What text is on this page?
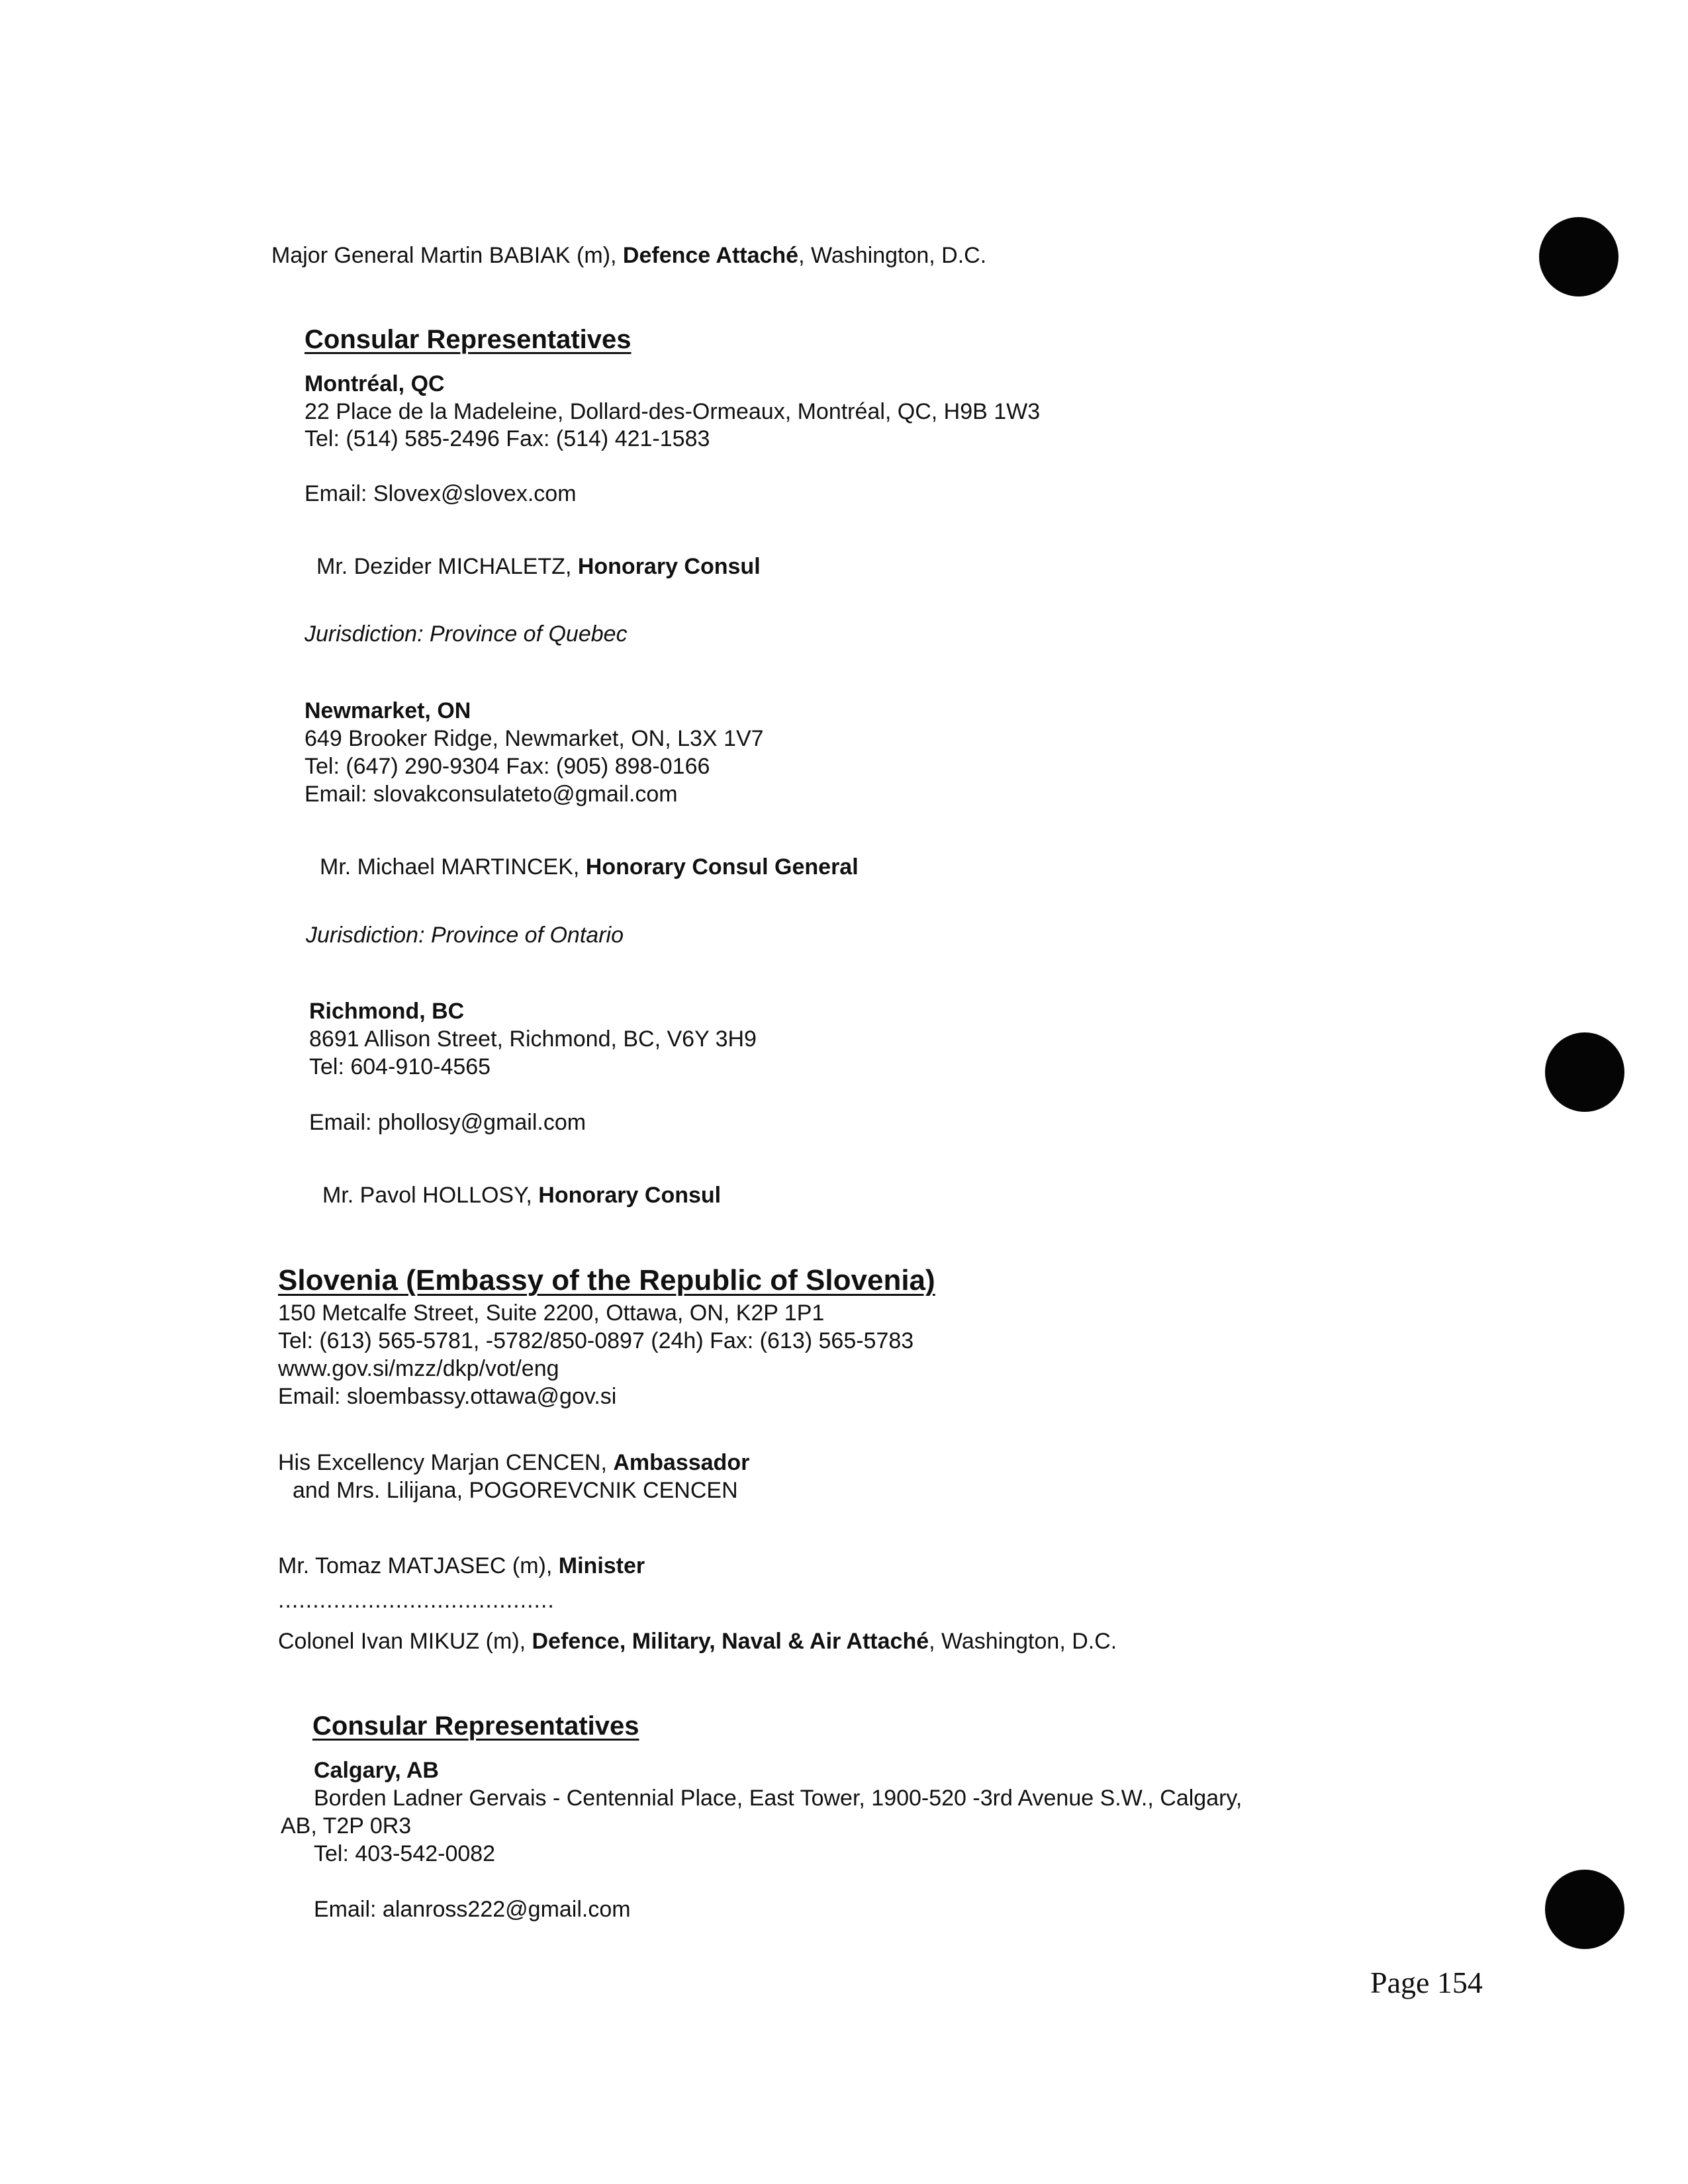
Major General Martin BABIAK (m), Defence Attaché, Washington, D.C.

Consular Representatives

Montréal, QC

22 Place de la Madeleine, Dollard-des-Ormeaux, Montréal, QC, H9B 1W3

Tel: (514) 585-2496 Fax: (514) 421-1583

Email: Slovex@slovex.com

Mr. Dezider MICHALETZ, Honorary Consul

Jurisdiction: Province of Quebec

Newmarket, ON

649 Brooker Ridge, Newmarket, ON, L3X 1V7

Tel: (647) 290-9304 Fax: (905) 898-0166

Email: slovakconsulateto@gmail.com

Mr. Michael MARTINCEK, Honorary Consul General

Jurisdiction: Province of Ontario

Richmond, BC

8691 Allison Street, Richmond, BC, V6Y 3H9

Tel: 604-910-4565

Email: phollosy@gmail.com

Mr. Pavol HOLLOSY, Honorary Consul

Slovenia (Embassy of the Republic of Slovenia)

150 Metcalfe Street, Suite 2200, Ottawa, ON, K2P 1P1

Tel: (613) 565-5781, -5782/850-0897 (24h) Fax: (613) 565-5783

www.gov.si/mzz/dkp/vot/eng

Email: sloembassy.ottawa@gov.si

His Excellency Marjan CENCEN, Ambassador

and Mrs. Lilijana, POGOREVCNIK CENCEN

Mr. Tomaz MATJASEC (m), Minister

........................................

Colonel Ivan MIKUZ (m), Defence, Military, Naval & Air Attaché, Washington, D.C.

Consular Representatives

Calgary, AB

Borden Ladner Gervais - Centennial Place, East Tower, 1900-520 -3rd Avenue S.W., Calgary,

AB, T2P 0R3

Tel: 403-542-0082

Email: alanross222@gmail.com

Page 154
